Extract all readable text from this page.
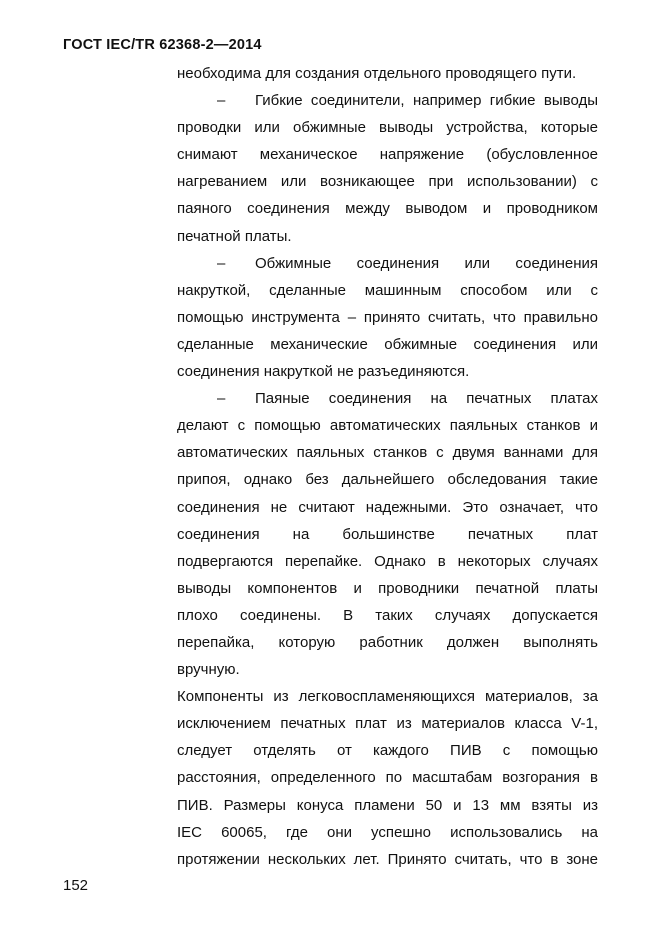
ГОСТ IEC/TR 62368-2—2014
необходима для создания отдельного проводящего пути.
– Гибкие соединители, например гибкие выводы
проводки или обжимные выводы устройства, которые
снимают механическое напряжение (обусловленное
нагреванием или возникающее при использовании) с
паяного соединения между выводом и проводником
печатной платы.
– Обжимные соединения или соединения
накруткой, сделанные машинным способом или с
помощью инструмента – принято считать, что правильно
сделанные механические обжимные соединения или
соединения накруткой не разъединяются.
– Паяные соединения на печатных платах
делают с помощью автоматических паяльных станков и
автоматических паяльных станков с двумя ваннами для
припоя, однако без дальнейшего обследования такие
соединения не считают надежными. Это означает, что
соединения на большинстве печатных плат
подвергаются перепайке. Однако в некоторых случаях
выводы компонентов и проводники печатной платы
плохо соединены. В таких случаях допускается
перепайка, которую работник должен выполнять
вручную.
Компоненты из легковоспламеняющихся материалов, за
исключением печатных плат из материалов класса V-1,
следует отделять от каждого ПИВ с помощью
расстояния, определенного по масштабам возгорания в
ПИВ. Размеры конуса пламени 50 и 13 мм взяты из
IEC 60065, где они успешно использовались на
протяжении нескольких лет. Принято считать, что в зоне
152
